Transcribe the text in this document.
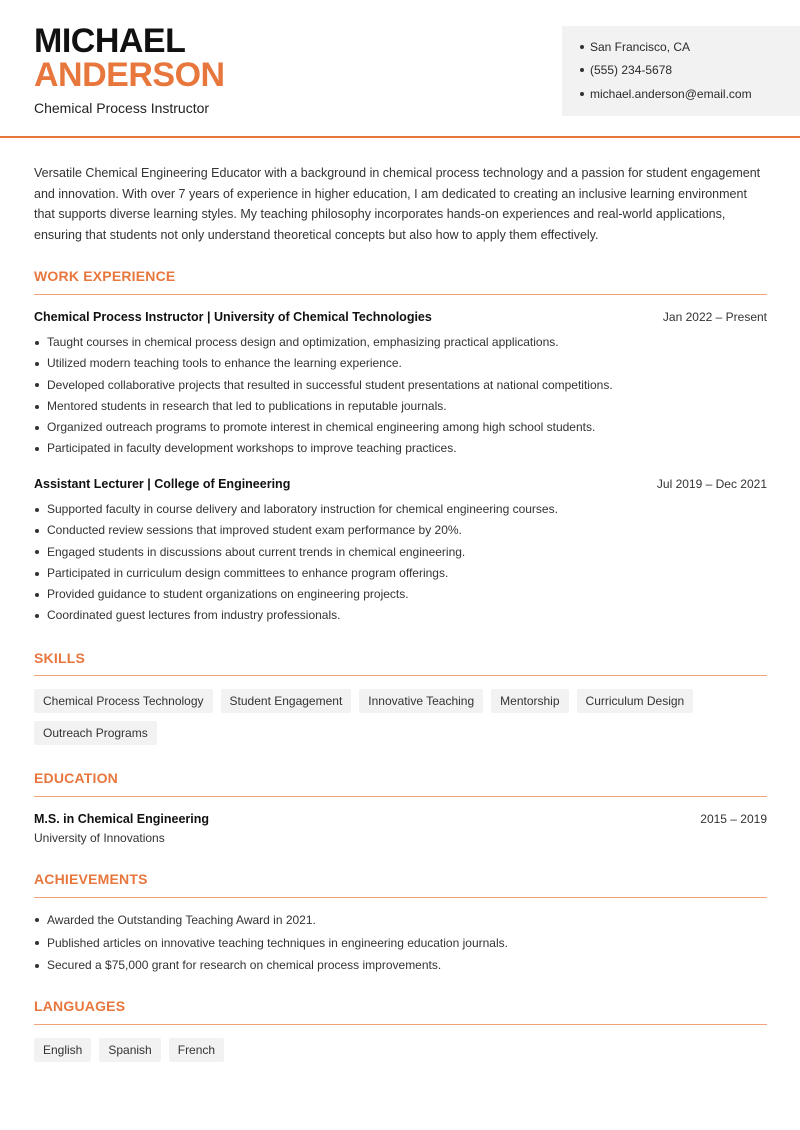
MICHAEL
ANDERSON
Chemical Process Instructor
San Francisco, CA
(555) 234-5678
michael.anderson@email.com
Versatile Chemical Engineering Educator with a background in chemical process technology and a passion for student engagement and innovation. With over 7 years of experience in higher education, I am dedicated to creating an inclusive learning environment that supports diverse learning styles. My teaching philosophy incorporates hands-on experiences and real-world applications, ensuring that students not only understand theoretical concepts but also how to apply them effectively.
WORK EXPERIENCE
Chemical Process Instructor | University of Chemical Technologies	Jan 2022 – Present
Taught courses in chemical process design and optimization, emphasizing practical applications.
Utilized modern teaching tools to enhance the learning experience.
Developed collaborative projects that resulted in successful student presentations at national competitions.
Mentored students in research that led to publications in reputable journals.
Organized outreach programs to promote interest in chemical engineering among high school students.
Participated in faculty development workshops to improve teaching practices.
Assistant Lecturer | College of Engineering	Jul 2019 – Dec 2021
Supported faculty in course delivery and laboratory instruction for chemical engineering courses.
Conducted review sessions that improved student exam performance by 20%.
Engaged students in discussions about current trends in chemical engineering.
Participated in curriculum design committees to enhance program offerings.
Provided guidance to student organizations on engineering projects.
Coordinated guest lectures from industry professionals.
SKILLS
Chemical Process Technology	Student Engagement	Innovative Teaching	Mentorship	Curriculum Design
Outreach Programs
EDUCATION
M.S. in Chemical Engineering	2015 – 2019
University of Innovations
ACHIEVEMENTS
Awarded the Outstanding Teaching Award in 2021.
Published articles on innovative teaching techniques in engineering education journals.
Secured a $75,000 grant for research on chemical process improvements.
LANGUAGES
English	Spanish	French
